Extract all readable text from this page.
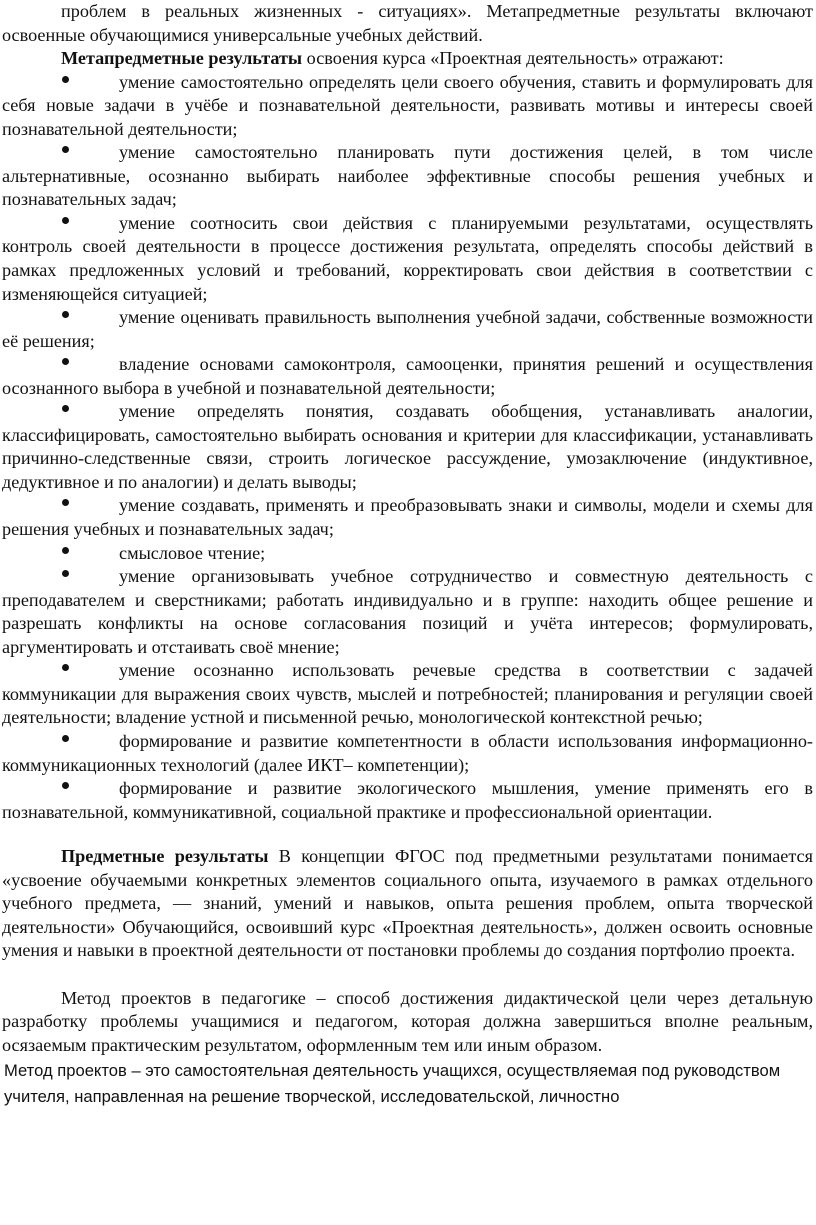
проблем в реальных жизненных - ситуациях». Метапредметные результаты включают освоенные обучающимися универсальные учебных действий.

Метапредметные результаты освоения курса «Проектная деятельность» отражают:

умение самостоятельно определять цели своего обучения, ставить и формулировать для себя новые задачи в учёбе и познавательной деятельности, развивать мотивы и интересы своей познавательной деятельности;

умение самостоятельно планировать пути достижения целей, в том числе альтернативные, осознанно выбирать наиболее эффективные способы решения учебных и познавательных задач;

умение соотносить свои действия с планируемыми результатами, осуществлять контроль своей деятельности в процессе достижения результата, определять способы действий в рамках предложенных условий и требований, корректировать свои действия в соответствии с изменяющейся ситуацией;

умение оценивать правильность выполнения учебной задачи, собственные возможности её решения;

владение основами самоконтроля, самооценки, принятия решений и осуществления осознанного выбора в учебной и познавательной деятельности;

умение определять понятия, создавать обобщения, устанавливать аналогии, классифицировать, самостоятельно выбирать основания и критерии для классификации, устанавливать причинно-следственные связи, строить логическое рассуждение, умозаключение (индуктивное, дедуктивное и по аналогии) и делать выводы;

умение создавать, применять и преобразовывать знаки и символы, модели и схемы для решения учебных и познавательных задач;

смысловое чтение;

умение организовывать учебное сотрудничество и совместную деятельность с преподавателем и сверстниками; работать индивидуально и в группе: находить общее решение и разрешать конфликты на основе согласования позиций и учёта интересов; формулировать, аргументировать и отстаивать своё мнение;

умение осознанно использовать речевые средства в соответствии с задачей коммуникации для выражения своих чувств, мыслей и потребностей; планирования и регуляции своей деятельности; владение устной и письменной речью, монологической контекстной речью;

формирование и развитие компетентности в области использования информационно-коммуникационных технологий (далее ИКТ– компетенции);

формирование и развитие экологического мышления, умение применять его в познавательной, коммуникативной, социальной практике и профессиональной ориентации.

Предметные результаты В концепции ФГОС под предметными результатами понимается «усвоение обучаемыми конкретных элементов социального опыта, изучаемого в рамках отдельного учебного предмета, — знаний, умений и навыков, опыта решения проблем, опыта творческой деятельности» Обучающийся, освоивший курс «Проектная деятельность», должен освоить основные умения и навыки в проектной деятельности от постановки проблемы до создания портфолио проекта.

Метод проектов в педагогике – способ достижения дидактической цели через детальную разработку проблемы учащимися и педагогом, которая должна завершиться вполне реальным, осязаемым практическим результатом, оформленным тем или иным образом.

Метод проектов – это самостоятельная деятельность учащихся, осуществляемая под руководством учителя, направленная на решение творческой, исследовательской, личностно
